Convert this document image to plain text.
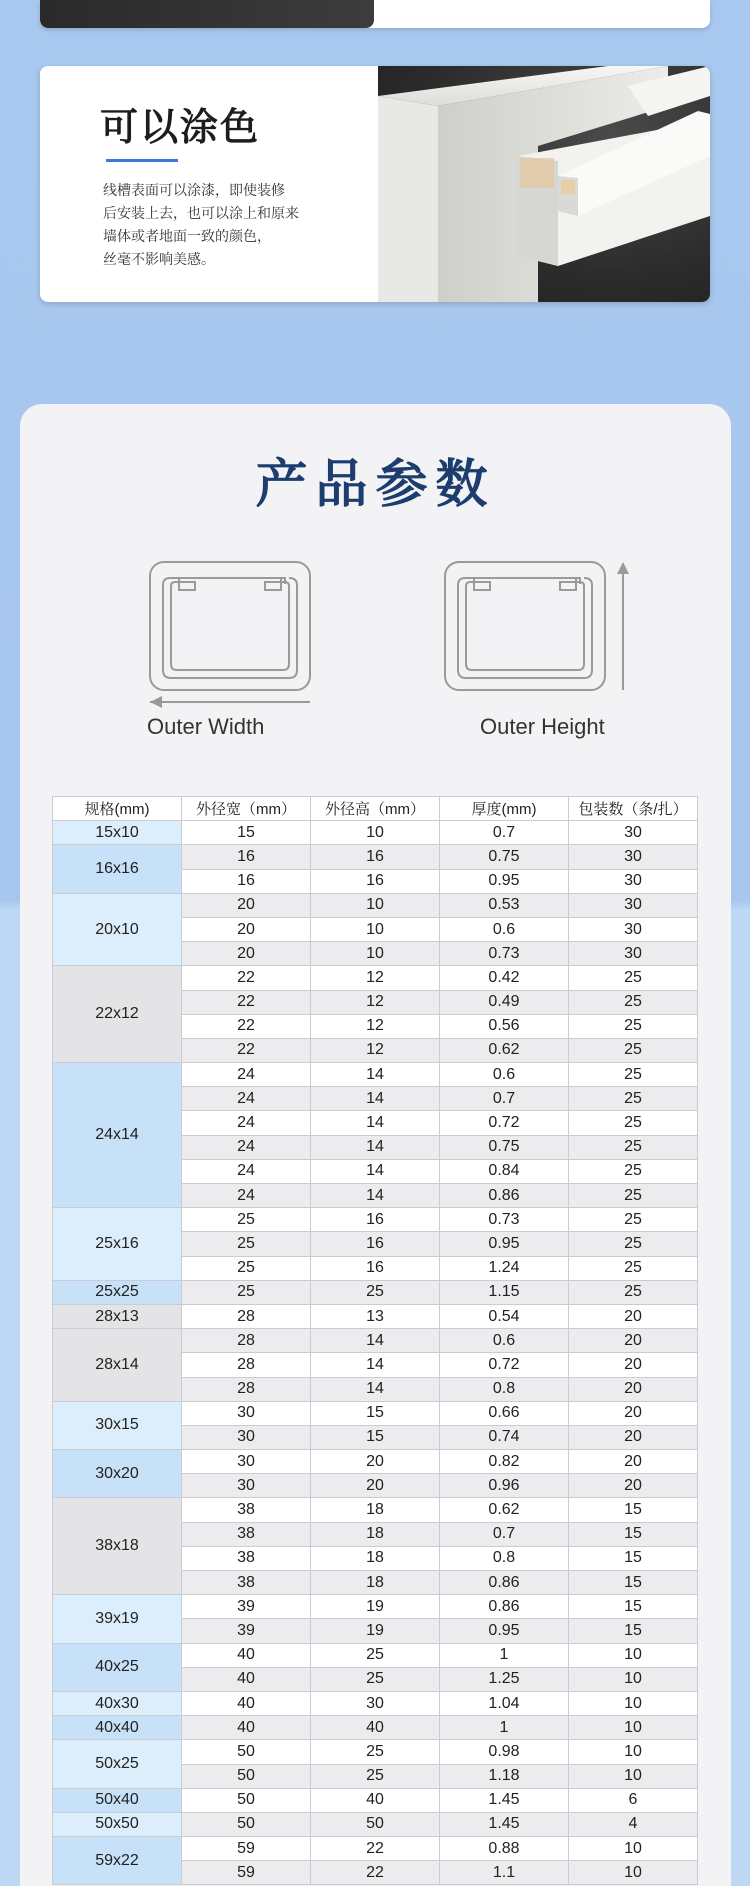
可以涂色
线槽表面可以涂漆，即使装修
后安装上去，也可以涂上和原来
墙体或者地面一致的颜色，
丝毫不影响美感。
产品参数
Outer Width	Outer Height
规格(mm)	外径宽（mm）	外径高（mm）	厚度(mm)	包装数（条/扎）
15x10	15	10	0.7	30
16x16	16	16	0.75	30
	16	16	0.95	30
20x10	20	10	0.53	30
	20	10	0.6	30
	20	10	0.73	30
22x12	22	12	0.42	25
	22	12	0.49	25
	22	12	0.56	25
	22	12	0.62	25
24x14	24	14	0.6	25
	24	14	0.7	25
	24	14	0.72	25
	24	14	0.75	25
	24	14	0.84	25
	24	14	0.86	25
25x16	25	16	0.73	25
	25	16	0.95	25
	25	16	1.24	25
25x25	25	25	1.15	25
28x13	28	13	0.54	20
28x14	28	14	0.6	20
	28	14	0.72	20
	28	14	0.8	20
30x15	30	15	0.66	20
	30	15	0.74	20
30x20	30	20	0.82	20
	30	20	0.96	20
38x18	38	18	0.62	15
	38	18	0.7	15
	38	18	0.8	15
	38	18	0.86	15
39x19	39	19	0.86	15
	39	19	0.95	15
40x25	40	25	1	10
	40	25	1.25	10
40x30	40	30	1.04	10
40x40	40	40	1	10
50x25	50	25	0.98	10
	50	25	1.18	10
50x40	50	40	1.45	6
50x50	50	50	1.45	4
59x22	59	22	0.88	10
	59	22	1.1	10
